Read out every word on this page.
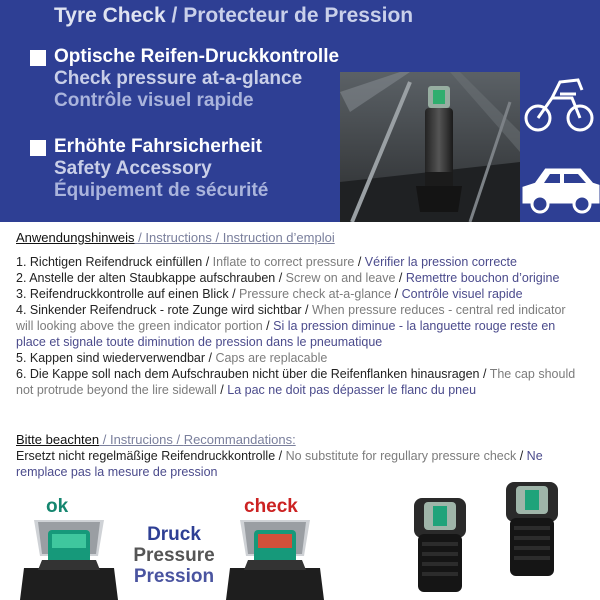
Tyre Check / Protecteur de Pression
Optische Reifen-Druckkontrolle
Check pressure at-a-glance
Contrôle visuel rapide
Erhöhte Fahrsicherheit
Safety Accessory
Équipement de sécurité
Anwendungshinweis / Instructions / Instruction d’emploi
1. Richtigen Reifendruck einfüllen / Inflate to correct pressure / Vérifier la pression correcte
2. Anstelle der alten Staubkappe aufschrauben / Screw on and leave / Remettre bouchon d’origine
3. Reifendruckkontrolle auf einen Blick / Pressure check at-a-glance / Contrôle visuel rapide
4. Sinkender Reifendruck - rote Zunge wird sichtbar / When pressure reduces - central red indicator will looking above the green indicator portion / Si la pression diminue - la languette rouge reste en place et signale toute diminution de pression dans le pneumatique
5. Kappen sind wiederverwendbar / Caps are replacable
6. Die Kappe soll nach dem Aufschrauben nicht über die Reifenflanken hinausragen / The cap should not protrude beyond the lire sidewall / La pac ne doit pas dépasser le flanc du pneu
Bitte beachten / Instrucions / Recommandations:
Ersetzt nicht regelmäßige Reifendruckkontrolle / No substitute for regullary pressure check / Ne remplace pas la mesure de pression
ok	check
Druck
Pressure
Pression
